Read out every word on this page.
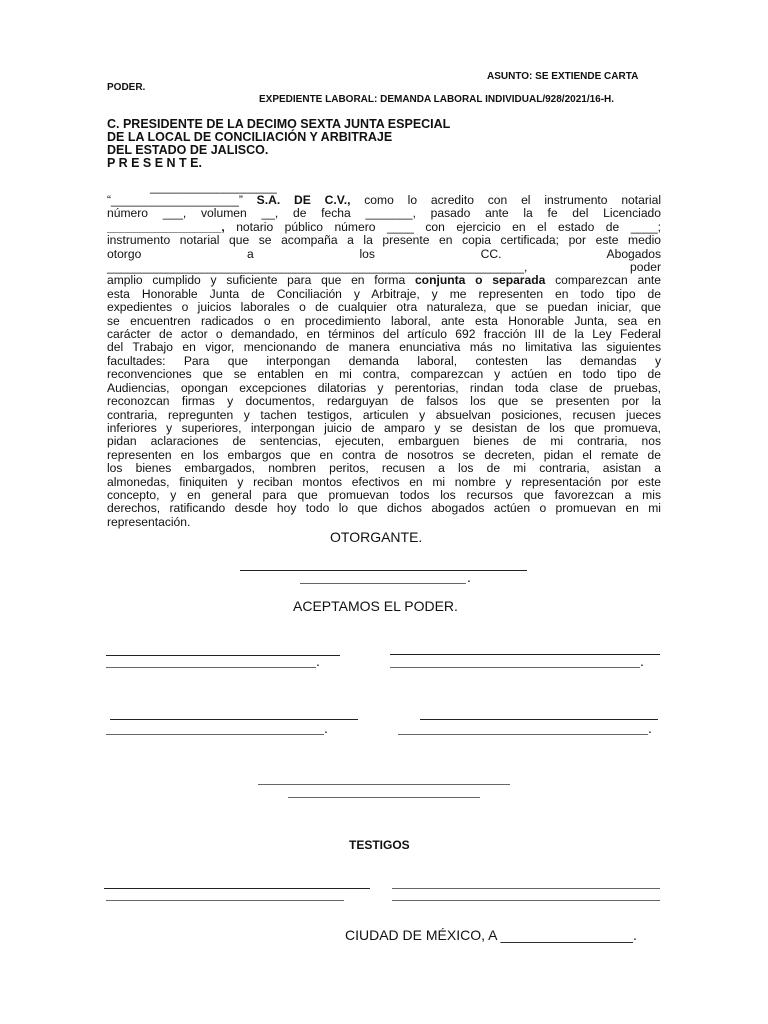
ASUNTO: SE EXTIENDE CARTA
PODER.
EXPEDIENTE LABORAL: DEMANDA LABORAL INDIVIDUAL/928/2021/16-H.
C. PRESIDENTE DE LA DECIMO SEXTA JUNTA ESPECIAL
DE LA LOCAL DE CONCILIACIÓN Y ARBITRAJE
DEL ESTADO DE JALISCO.
P R E S E N T E.
___________________
“___________________” S.A. DE C.V., como lo acredito con el instrumento notarial
número ___, volumen __, de fecha _______, pasado ante la fe del Licenciado
_________________, notario público número ____ con ejercicio en el estado de ____;
instrumento notarial que se acompaña a la presente en copia certificada; por este medio
otorgo a los CC. Abogados
______________________________________________________________, poder
amplio cumplido y suficiente para que en forma conjunta o separada comparezcan ante
esta Honorable Junta de Conciliación y Arbitraje, y me representen en todo tipo de
expedientes o juicios laborales o de cualquier otra naturaleza, que se puedan iniciar, que
se encuentren radicados o en procedimiento laboral, ante esta Honorable Junta, sea en
carácter de actor o demandado, en términos del artículo 692 fracción III de la Ley Federal
del Trabajo en vigor, mencionando de manera enunciativa más no limitativa las siguientes
facultades: Para que interpongan demanda laboral, contesten las demandas y
reconvenciones que se entablen en mi contra, comparezcan y actúen en todo tipo de
Audiencias, opongan excepciones dilatorias y perentorias, rindan toda clase de pruebas,
reconozcan firmas y documentos, redarguyan de falsos los que se presenten por la
contraria, repregunten y tachen testigos, articulen y absuelvan posiciones, recusen jueces
inferiores y superiores, interpongan juicio de amparo y se desistan de los que promueva,
pidan aclaraciones de sentencias, ejecuten, embarguen bienes de mi contraria, nos
representen en los embargos que en contra de nosotros se decreten, pidan el remate de
los bienes embargados, nombren peritos, recusen a los de mi contraria, asistan a
almonedas, finiquiten y reciban montos efectivos en mi nombre y representación por este
concepto, y en general para que promuevan todos los recursos que favorezcan a mis
derechos, ratificando desde hoy todo lo que dichos abogados actúen o promuevan en mi
representación.
OTORGANTE.
.
ACEPTAMOS EL PODER.
.	.
.	.
TESTIGOS
CIUDAD DE MÉXICO, A _________________.
